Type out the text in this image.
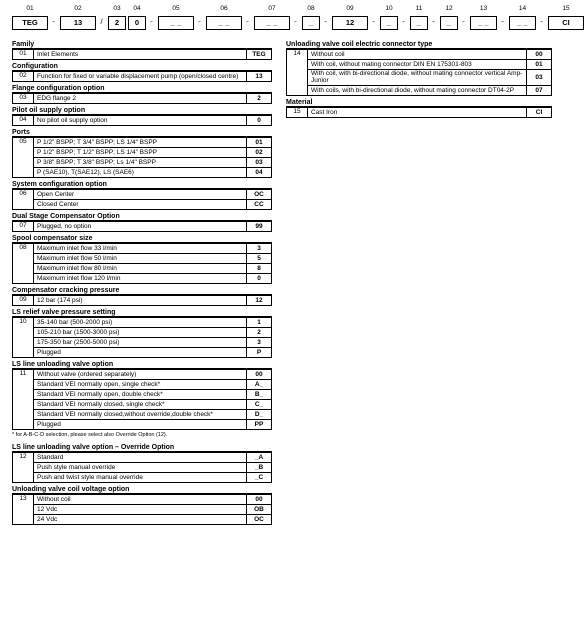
01	02	03	04	05	06	07	08	09	10	11	12	13	14	15
TEG	-	13	/	2	0	-	_ _	-	_ _	-	_ _	-	_	-	12	-	_	-	_	-	_	-	_ _	-	_ _	-	CI
Family
01	Inlet Elements	TEG
Configuration
02	Function for fixed or variable displacement pump (open/closed centre)	13
Flange configuration option
03	EDG flange 2	2
Pilot oil supply option
04	No pilot oil supply option	0
Ports
05	P 1/2" BSPP; T 3/4" BSPP; LS 1/4" BSPP	01
	P 1/2" BSPP; T 1/2" BSPP; LS 1/4" BSPP	02
	P 3/8" BSPP; T 3/8" BSPP; Ls 1/4" BSPP	03
	P (SAE10), T(SAE12), LS (SAE6)	04
System configuration option
06	Open Center	OC
	Closed Center	CC
Dual Stage Compensator Option
07	Plugged, no option	99
Spool compensator size
08	Maximum inlet flow 33 l/min	3
	Maximum inlet flow 50 l/min	5
	Maximum inlet flow 80 l/min	8
	Maximum inlet flow 120 l/min	0
Compensator cracking pressure
09	12 bar (174 psi)	12
LS relief valve pressure setting
10	35-140 bar (500-2000 psi)	1
	105-210 bar (1500-3000 psi)	2
	175-350 bar (2500-5000 psi)	3
	Plugged	P
LS line unloading valve option
11	Without valve (ordered separately)	00
	Standard VEI normally open, single check*	A_
	Standard VEI normally open, double check*	B_
	Standard VEI normally closed, single check*	C_
	Standard VEI normally closed,without override,double check*	D_
	Plugged	PP
* for A-B-C-D selection, please select also Override Option (12).
LS line unloading valve option – Override Option
12	Standard	_A
	Push style manual override	_B
	Push and twist style manual override	_C
Unloading valve coil voltage option
13	Without coil	00
	12 Vdc	OB
	24 Vdc	OC
Unloading valve coil electric connector type
14	Without coil	00
	With coil, without mating connector DIN EN 175301-803	01
	With coil, with bi-directional diode, without mating connector vertical Amp-Junior	03
	With coils, with bi-directional diode, without mating connector DT04-2P	07
Material
15	Cast Iron	CI
